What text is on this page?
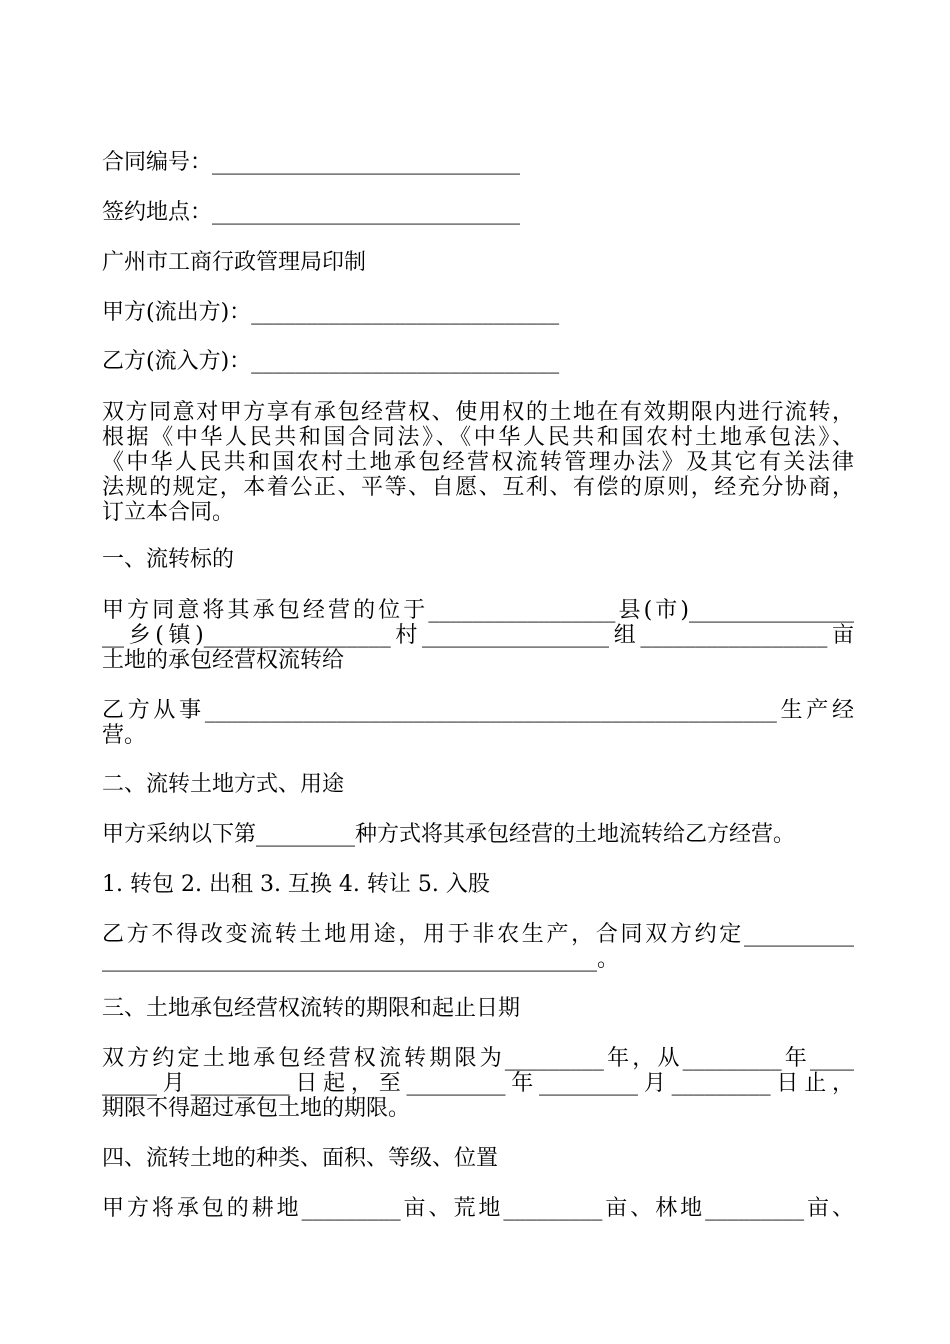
合同编号：____________________________
签约地点：____________________________
广州市工商行政管理局印制
甲方(流出方)：____________________________
乙方(流入方)：____________________________
双方同意对甲方享有承包经营权、使用权的土地在有效期限内进行流转，
根据《中华人民共和国合同法》、《中华人民共和国农村土地承包法》、
《中华人民共和国农村土地承包经营权流转管理办法》及其它有关法律
法规的规定，本着公正、平等、自愿、互利、有偿的原则，经充分协商，
订立本合同。
一、流转标的
甲方同意将其承包经营的位于_________________县(市)_______________
__乡(镇)_________________村_________________组_________________亩
土地的承包经营权流转给
乙方从事____________________________________________________生产经
营。
二、流转土地方式、用途
甲方采纳以下第_________种方式将其承包经营的土地流转给乙方经营。
1. 转包 2. 出租 3. 互换 4. 转让 5. 入股
乙方不得改变流转土地用途，用于非农生产，合同双方约定__________
_____________________________________________。
三、土地承包经营权流转的期限和起止日期
双方约定土地承包经营权流转期限为_________年，从_________年____
_____月_________日起，至_________年_________月_________日止，
期限不得超过承包土地的期限。
四、流转土地的种类、面积、等级、位置
甲方将承包的耕地_________亩、荒地_________亩、林地_________亩、
